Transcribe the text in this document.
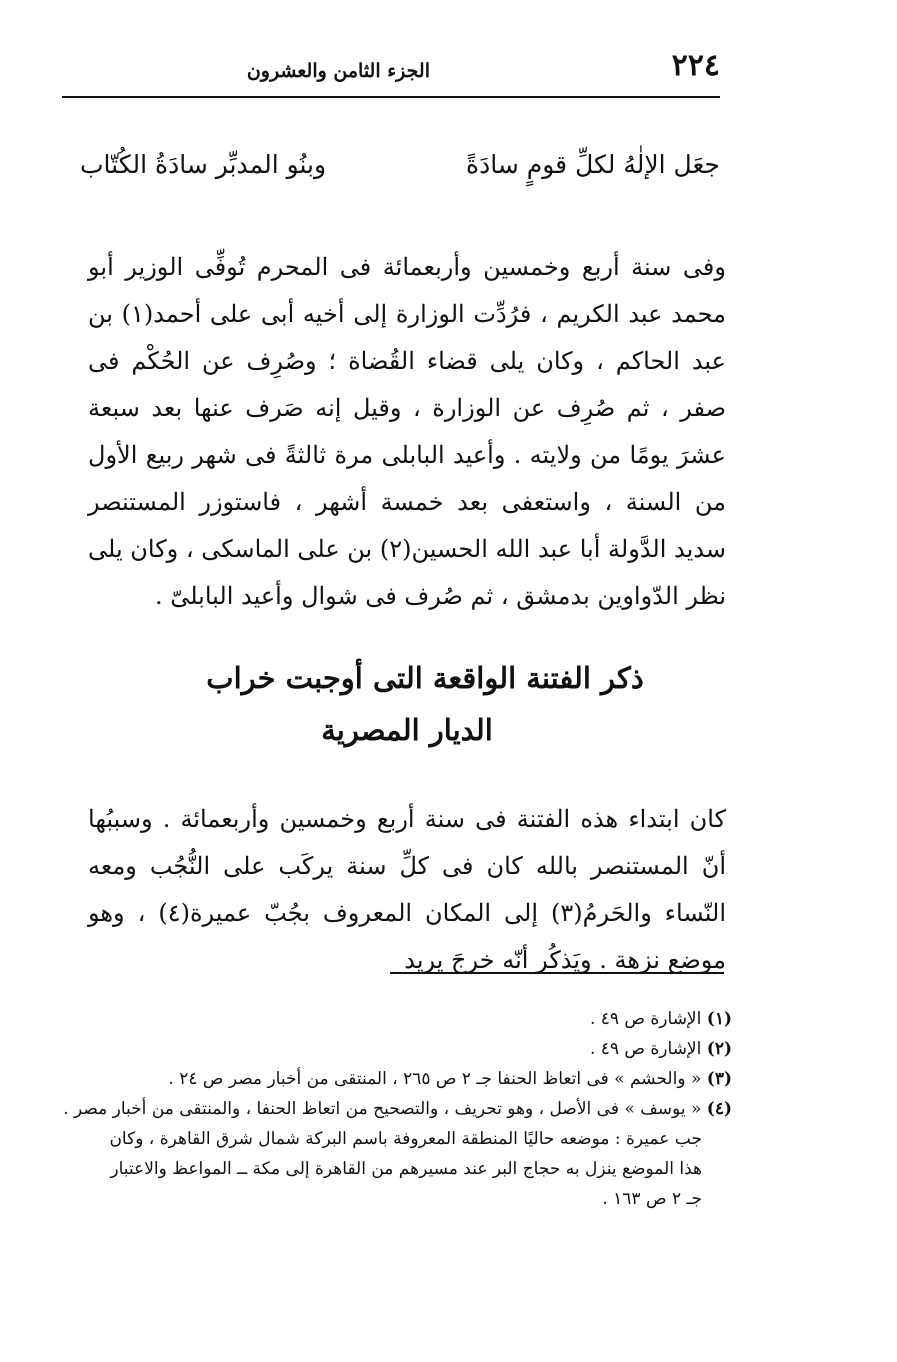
٢٢٤
الجزء الثامن والعشرون
جعَل الإلٰهُ لكلِّ قومٍ سادَةً
وبنُو المدبِّر سادَةُ الكُتّاب
وفى سنة أربع وخمسين وأربعمائة فى المحرم تُوفِّى الوزير أبو محمد عبد الكريم ، فرُدِّت الوزارة إلى أخيه أبى على أحمد(١) بن عبد الحاكم ، وكان يلى قضاء القُضاة ؛ وصُرِف عن الحُكْم فى صفر ، ثم صُرِف عن الوزارة ، وقيل إنه صَرف عنها بعد سبعة عشرَ يومًا من ولايته . وأعيد البابلى مرة ثالثةً فى شهر ربيع الأول من السنة ، واستعفى بعد خمسة أشهر ، فاستوزر المستنصر سديد الدَّولة أبا عبد الله الحسين(٢) بن على الماسكى ، وكان يلى نظر الدّواوين بدمشق ، ثم صُرف فى شوال وأعيد البابلىّ .
ذكر الفتنة الواقعة التى أوجبت خراب
الديار المصرية
كان ابتداء هذه الفتنة فى سنة أربع وخمسين وأربعمائة . وسببُها أنّ المستنصر بالله كان فى كلِّ سنة يركَب على النُّجُب ومعه النّساء والحَرمُ(٣) إلى المكان المعروف بجُبّ عميرة(٤) ، وهو موضع نزهة . ويَذكُر أنّه خرجَ يريد
(١) الإشارة ص ٤٩ .
(٢) الإشارة ص ٤٩ .
(٣) « والحشم » فى اتعاظ الحنفا جـ ٢ ص ٢٦٥ ، المنتقى من أخبار مصر ص ٢٤ .
(٤) « يوسف » فى الأصل ، وهو تحريف ، والتصحيح من اتعاظ الحنفا ، والمنتقى من أخبار مصر .
جب عميرة : موضعه حاليًا المنطقة المعروفة باسم البركة شمال شرق القاهرة ، وكان هذا الموضع ينزل به حجاج البر عند مسيرهم من القاهرة إلى مكة ــ المواعظ والاعتبار جـ ٢ ص ١٦٣ .
